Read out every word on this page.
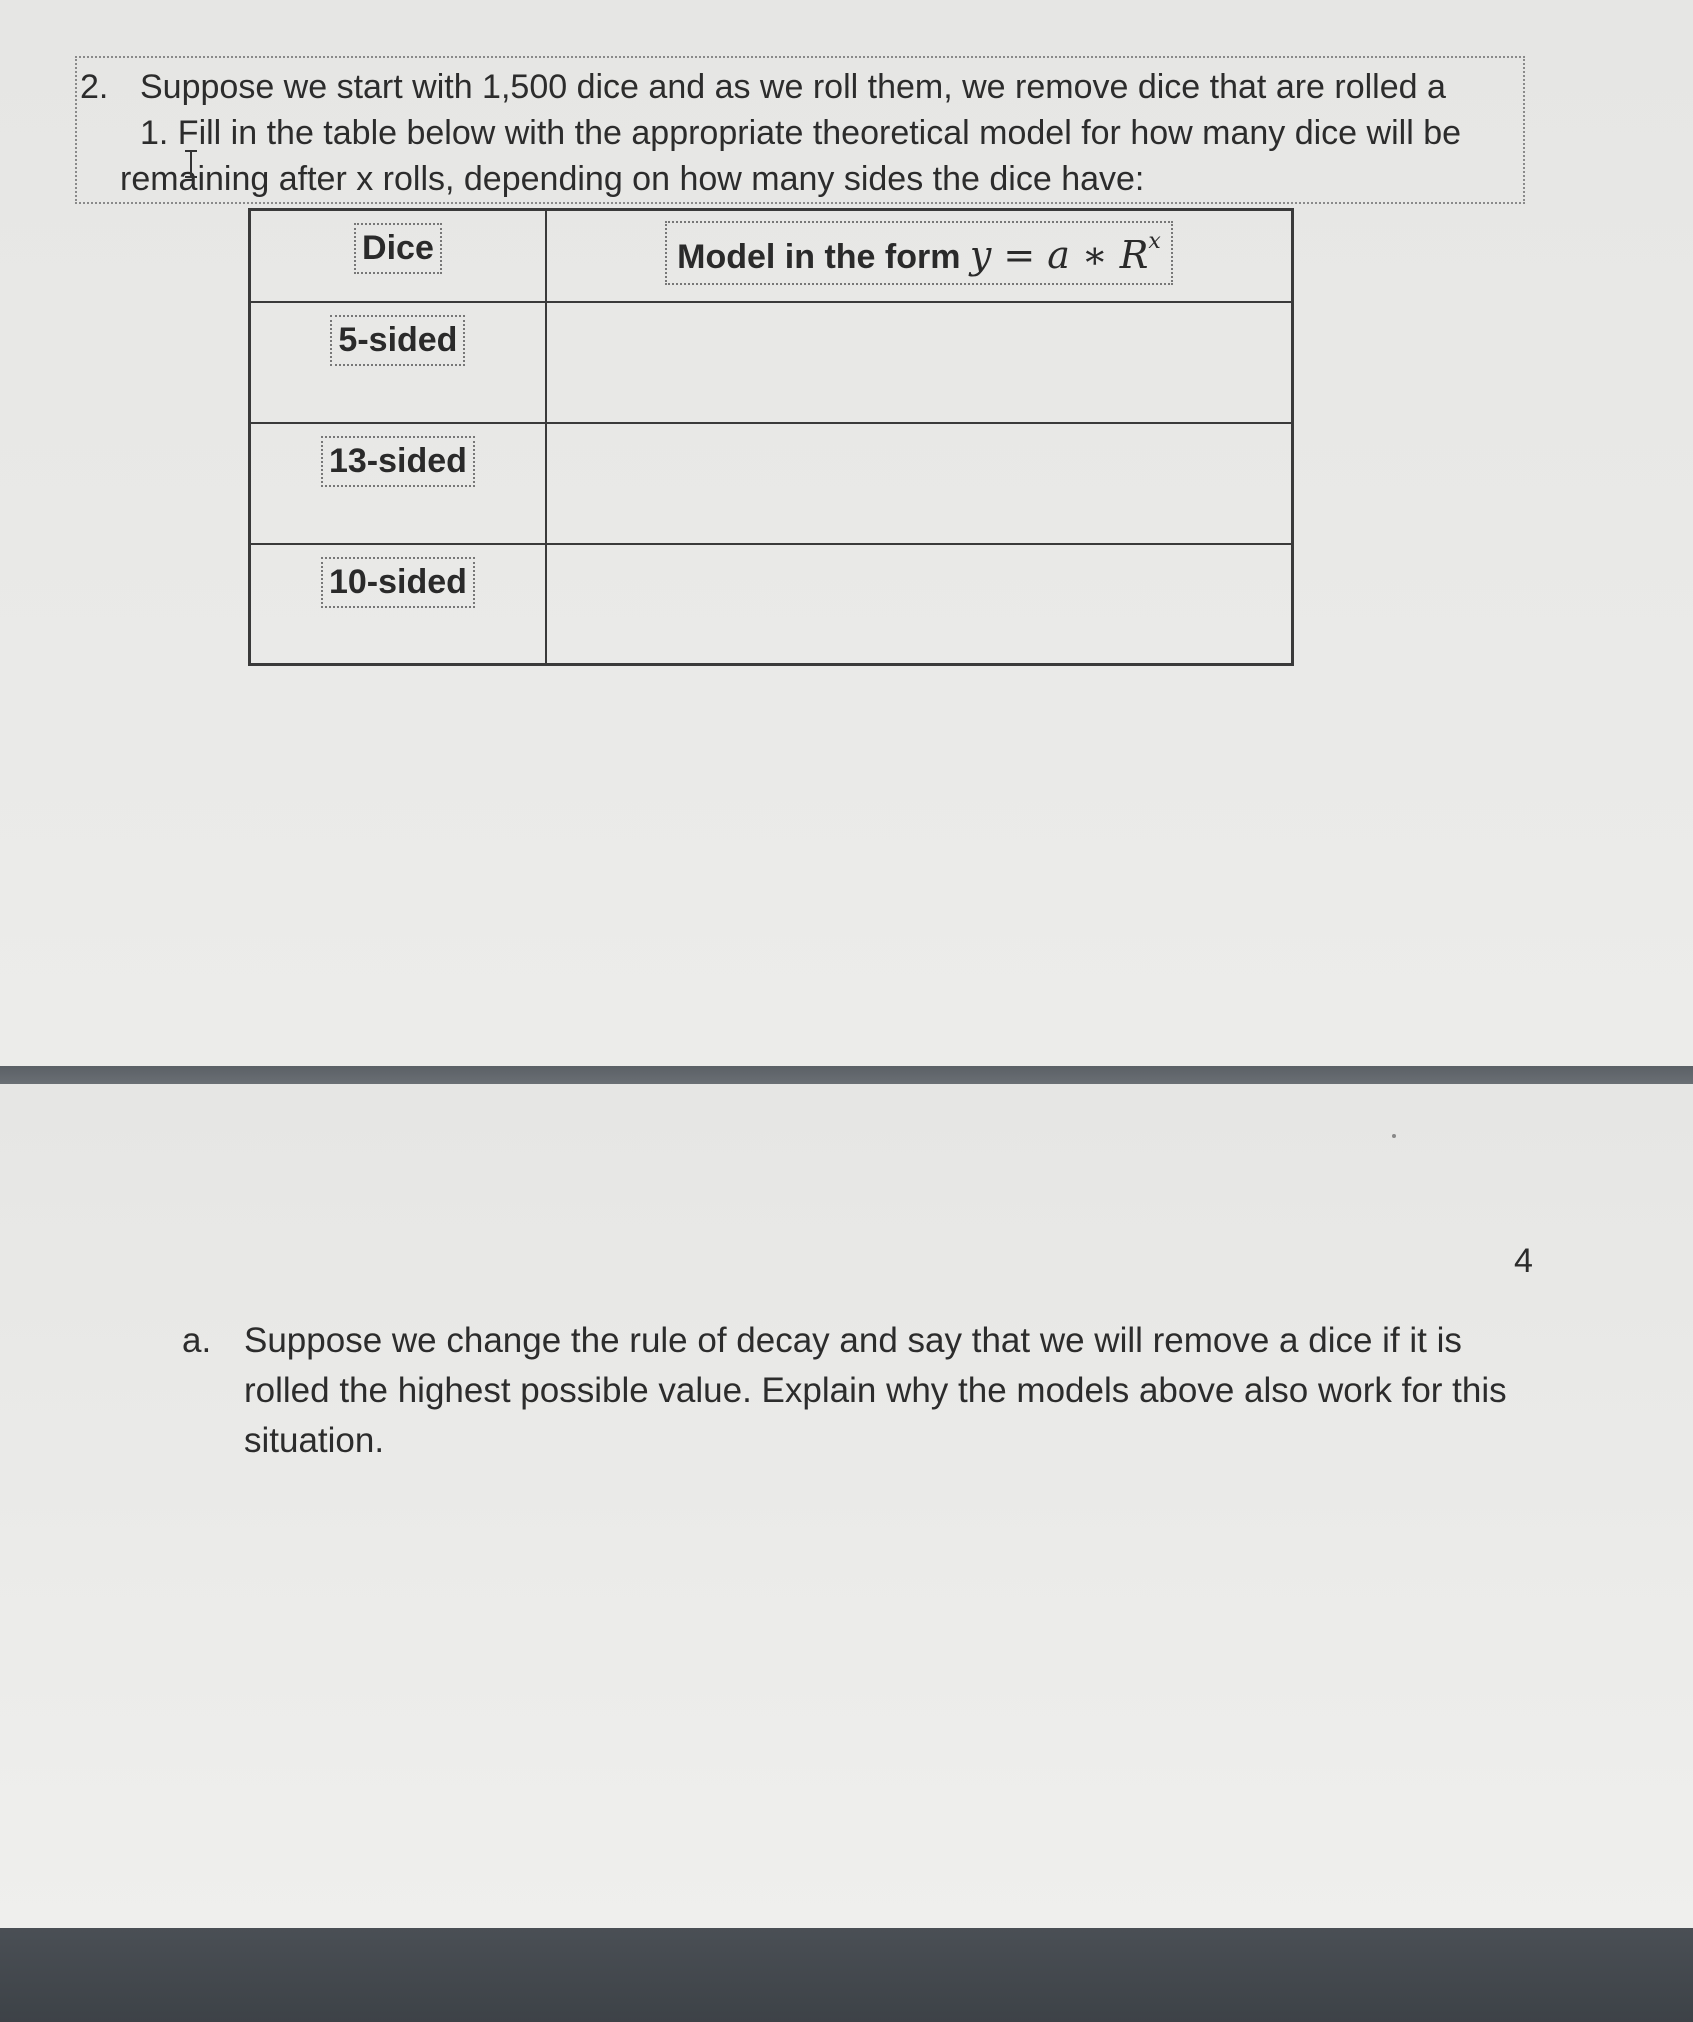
2. Suppose we start with 1,500 dice and as we roll them, we remove dice that are rolled a
1. Fill in the table below with the appropriate theoretical model for how many dice will be
remaining after x rolls, depending on how many sides the dice have:
Dice	Model in the form y = a ∗ $R^x$
5-sided	
13-sided	
10-sided	
4
a. Suppose we change the rule of decay and say that we will remove a dice if it is rolled the highest possible value. Explain why the models above also work for this situation.
